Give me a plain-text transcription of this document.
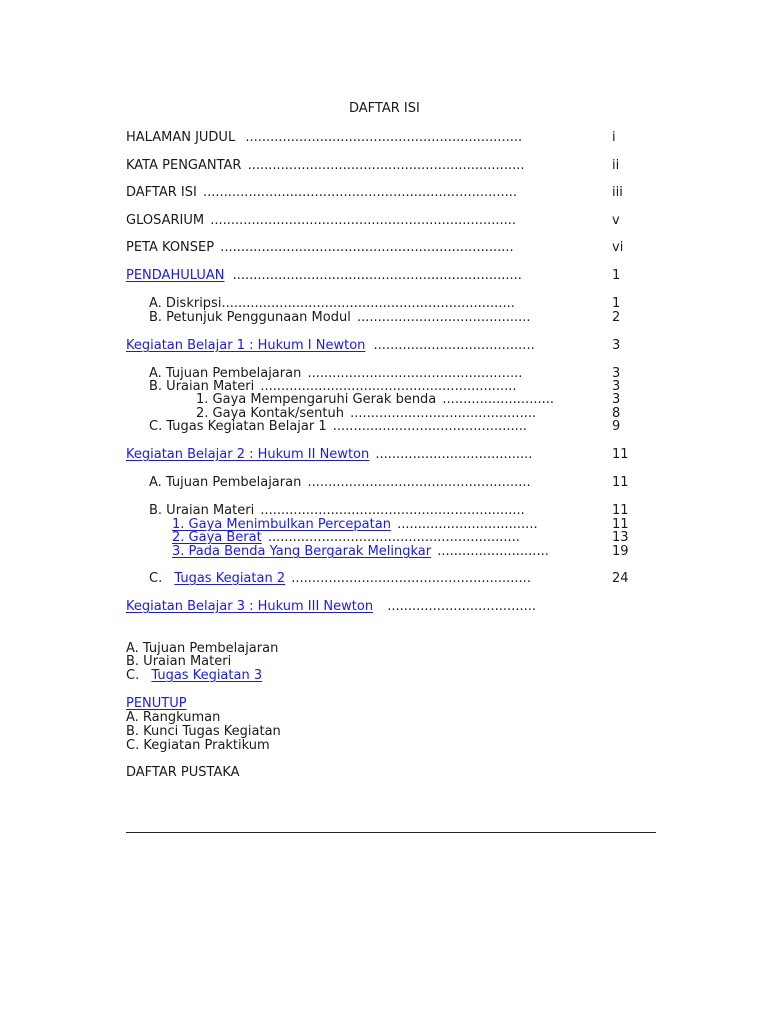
DAFTAR ISI
HALAMAN JUDUL ...................................................................	i
KATA PENGANTAR ...................................................................	ii
DAFTAR ISI ............................................................................	iii
GLOSARIUM ..........................................................................	v
PETA KONSEP .......................................................................	vi
PENDAHULUAN ......................................................................	1
A. Diskripsi.......................................................................	1
B. Petunjuk Penggunaan Modul ..........................................	2
Kegiatan Belajar 1 : Hukum I Newton .......................................	3
A. Tujuan Pembelajaran ....................................................	3
B. Uraian Materi ..............................................................	3
1. Gaya Mempengaruhi Gerak benda ...........................	3
2. Gaya Kontak/sentuh .............................................	8
C. Tugas Kegiatan Belajar 1 ...............................................	9
Kegiatan Belajar 2 : Hukum II Newton ......................................	11
A. Tujuan Pembelajaran ......................................................	11
B. Uraian Materi ................................................................	11
1. Gaya Menimbulkan Percepatan ..................................	11
2. Gaya Berat .............................................................	13
3. Pada Benda Yang Bergarak Melingkar ...........................	19
C. Tugas Kegiatan 2 ..........................................................	24
Kegiatan Belajar 3 : Hukum III Newton ....................................
A. Tujuan Pembelajaran
B. Uraian Materi
C. Tugas Kegiatan 3
PENUTUP
A. Rangkuman
B. Kunci Tugas Kegiatan
C. Kegiatan Praktikum
DAFTAR PUSTAKA
